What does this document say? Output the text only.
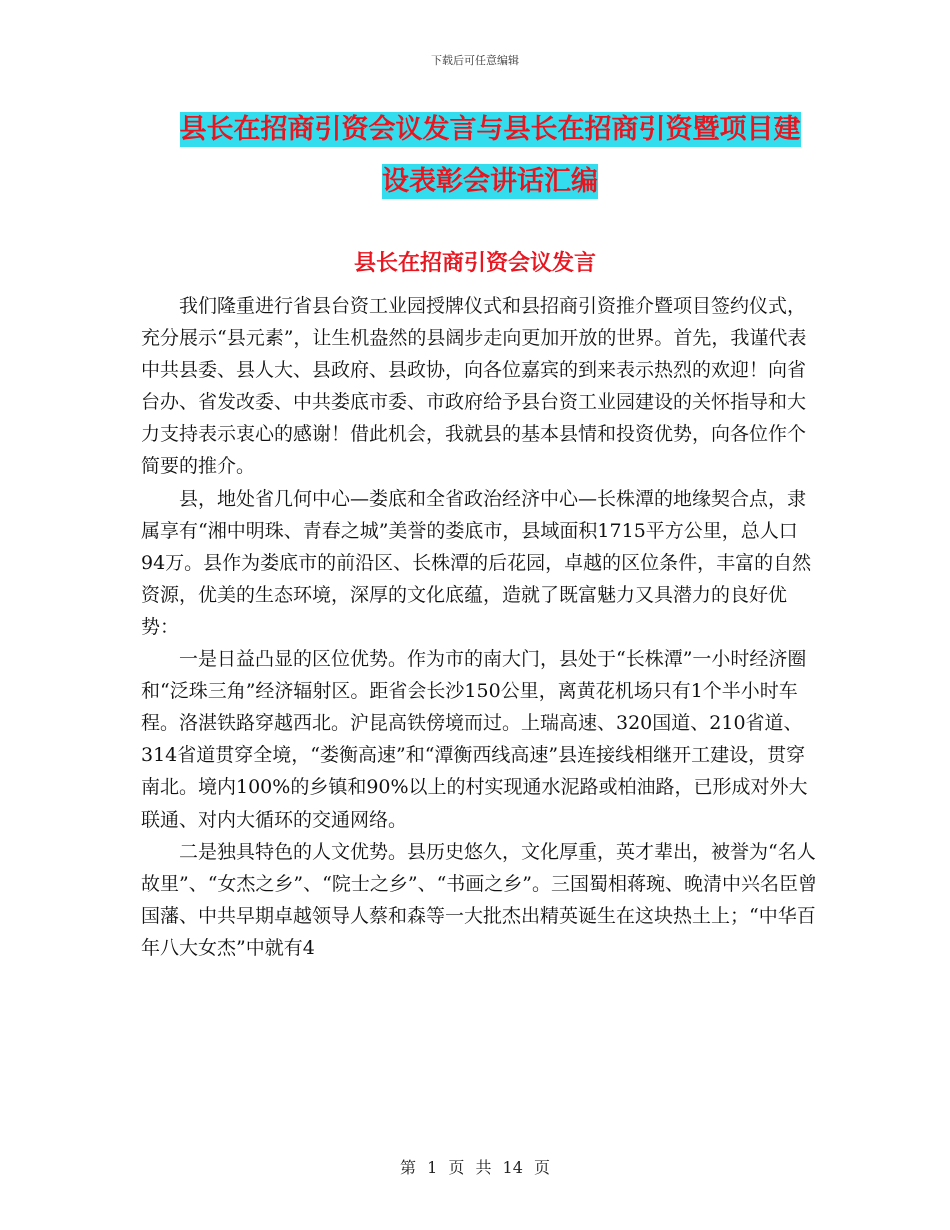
下载后可任意编辑
县长在招商引资会议发言与县长在招商引资暨项目建
设表彰会讲话汇编
县长在招商引资会议发言

我们隆重进行省县台资工业园授牌仪式和县招商引资推介暨项目签约仪式，充分展示“县元素”，让生机盎然的县阔步走向更加开放的世界。首先，我谨代表中共县委、县人大、县政府、县政协，向各位嘉宾的到来表示热烈的欢迎！向省台办、省发改委、中共娄底市委、市政府给予县台资工业园建设的关怀指导和大力支持表示衷心的感谢！借此机会，我就县的基本县情和投资优势，向各位作个简要的推介。

县，地处省几何中心—娄底和全省政治经济中心—长株潭的地缘契合点，隶属享有“湘中明珠、青春之城”美誉的娄底市，县域面积1715平方公里，总人口94万。县作为娄底市的前沿区、长株潭的后花园，卓越的区位条件，丰富的自然资源，优美的生态环境，深厚的文化底蕴，造就了既富魅力又具潜力的良好优势：

一是日益凸显的区位优势。作为市的南大门，县处于“长株潭”一小时经济圈和“泛珠三角”经济辐射区。距省会长沙150公里，离黄花机场只有1个半小时车程。洛湛铁路穿越西北。沪昆高铁傍境而过。上瑞高速、320国道、210省道、314省道贯穿全境，“娄衡高速”和“潭衡西线高速”县连接线相继开工建设，贯穿南北。境内100%的乡镇和90%以上的村实现通水泥路或柏油路，已形成对外大联通、对内大循环的交通网络。

二是独具特色的人文优势。县历史悠久，文化厚重，英才辈出，被誉为“名人故里”、“女杰之乡”、“院士之乡”、“书画之乡”。三国蜀相蒋琬、晚清中兴名臣曾国藩、中共早期卓越领导人蔡和森等一大批杰出精英诞生在这块热土上；“中华百年八大女杰”中就有4

第 1 页 共 14 页
